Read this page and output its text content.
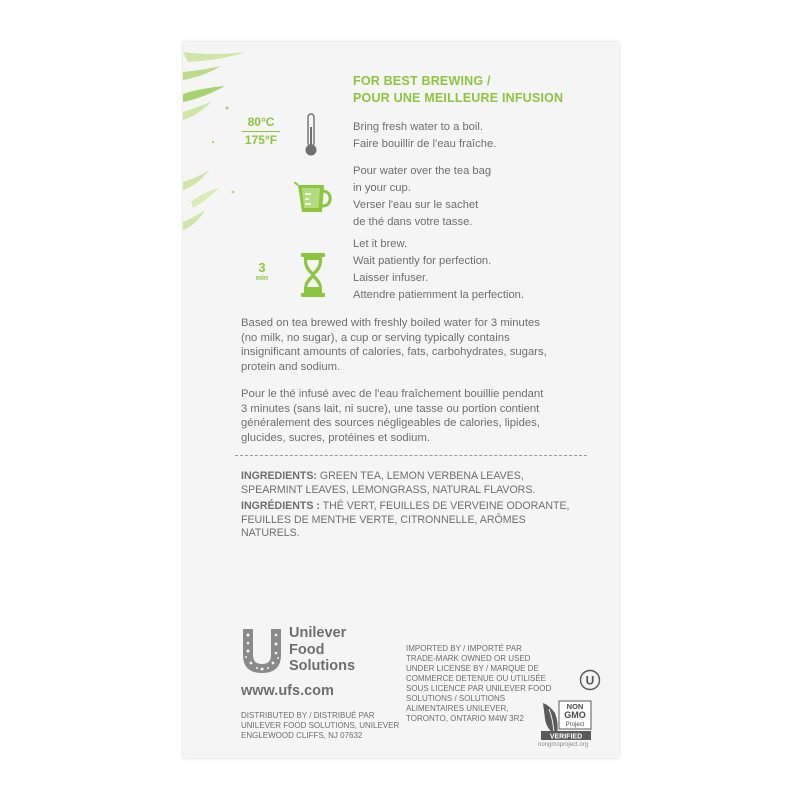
FOR BEST BREWING /
POUR UNE MEILLEURE INFUSION
80°C
175°F
Bring fresh water to a boil.
Faire bouillir de l'eau fraîche.
Pour water over the tea bag
in your cup.
Verser l'eau sur le sachet
de thé dans votre tasse.
3
min
Let it brew.
Wait patiently for perfection.
Laisser infuser.
Attendre patiemment la perfection.
Based on tea brewed with freshly boiled water for 3 minutes
(no milk, no sugar), a cup or serving typically contains
insignificant amounts of calories, fats, carbohydrates, sugars,
protein and sodium.
Pour le thé infusé avec de l'eau fraîchement bouillie pendant
3 minutes (sans lait, ni sucre), une tasse ou portion contient
généralement des sources négligeables de calories, lipides,
glucides, sucres, protéines et sodium.
INGREDIENTS: GREEN TEA, LEMON VERBENA LEAVES,
SPEARMINT LEAVES, LEMONGRASS, NATURAL FLAVORS.
INGRÉDIENTS : THÉ VERT, FEUILLES DE VERVEINE ODORANTE,
FEUILLES DE MENTHE VERTE, CITRONNELLE, ARÔMES
NATURELS.
Unilever
Food
Solutions
www.ufs.com
DISTRIBUTED BY / DISTRIBUÉ PAR
UNILEVER FOOD SOLUTIONS, UNILEVER
ENGLEWOOD CLIFFS, NJ 07632
IMPORTED BY / IMPORTÉ PAR
TRADE-MARK OWNED OR USED
UNDER LICENSE BY / MARQUE DE
COMMERCE DETENUE OU UTILISÉE
SOUS LICENCE PAR UNILEVER FOOD
SOLUTIONS / SOLUTIONS
ALIMENTAIRES UNILEVER,
TORONTO, ONTARIO M4W 3R2
U
NON
GMO
Project
VERIFIED
nongmoproject.org
